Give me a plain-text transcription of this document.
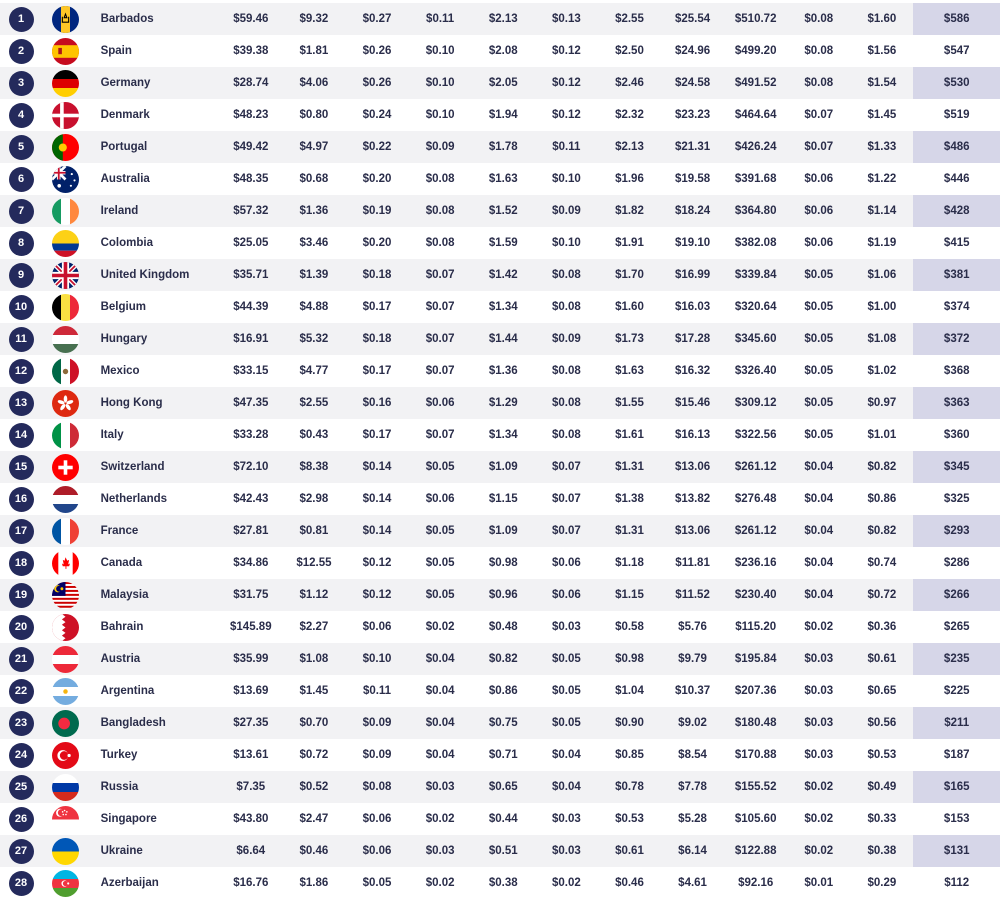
1		Barbados	$59.46	$9.32	$0.27	$0.11	$2.13	$0.13	$2.55	$25.54	$510.72	$0.08	$1.60	$586
2		Spain	$39.38	$1.81	$0.26	$0.10	$2.08	$0.12	$2.50	$24.96	$499.20	$0.08	$1.56	$547
3		Germany	$28.74	$4.06	$0.26	$0.10	$2.05	$0.12	$2.46	$24.58	$491.52	$0.08	$1.54	$530
4		Denmark	$48.23	$0.80	$0.24	$0.10	$1.94	$0.12	$2.32	$23.23	$464.64	$0.07	$1.45	$519
5		Portugal	$49.42	$4.97	$0.22	$0.09	$1.78	$0.11	$2.13	$21.31	$426.24	$0.07	$1.33	$486
6		Australia	$48.35	$0.68	$0.20	$0.08	$1.63	$0.10	$1.96	$19.58	$391.68	$0.06	$1.22	$446
7		Ireland	$57.32	$1.36	$0.19	$0.08	$1.52	$0.09	$1.82	$18.24	$364.80	$0.06	$1.14	$428
8		Colombia	$25.05	$3.46	$0.20	$0.08	$1.59	$0.10	$1.91	$19.10	$382.08	$0.06	$1.19	$415
9		United Kingdom	$35.71	$1.39	$0.18	$0.07	$1.42	$0.08	$1.70	$16.99	$339.84	$0.05	$1.06	$381
10		Belgium	$44.39	$4.88	$0.17	$0.07	$1.34	$0.08	$1.60	$16.03	$320.64	$0.05	$1.00	$374
11		Hungary	$16.91	$5.32	$0.18	$0.07	$1.44	$0.09	$1.73	$17.28	$345.60	$0.05	$1.08	$372
12		Mexico	$33.15	$4.77	$0.17	$0.07	$1.36	$0.08	$1.63	$16.32	$326.40	$0.05	$1.02	$368
13		Hong Kong	$47.35	$2.55	$0.16	$0.06	$1.29	$0.08	$1.55	$15.46	$309.12	$0.05	$0.97	$363
14		Italy	$33.28	$0.43	$0.17	$0.07	$1.34	$0.08	$1.61	$16.13	$322.56	$0.05	$1.01	$360
15		Switzerland	$72.10	$8.38	$0.14	$0.05	$1.09	$0.07	$1.31	$13.06	$261.12	$0.04	$0.82	$345
16		Netherlands	$42.43	$2.98	$0.14	$0.06	$1.15	$0.07	$1.38	$13.82	$276.48	$0.04	$0.86	$325
17		France	$27.81	$0.81	$0.14	$0.05	$1.09	$0.07	$1.31	$13.06	$261.12	$0.04	$0.82	$293
18		Canada	$34.86	$12.55	$0.12	$0.05	$0.98	$0.06	$1.18	$11.81	$236.16	$0.04	$0.74	$286
19		Malaysia	$31.75	$1.12	$0.12	$0.05	$0.96	$0.06	$1.15	$11.52	$230.40	$0.04	$0.72	$266
20		Bahrain	$145.89	$2.27	$0.06	$0.02	$0.48	$0.03	$0.58	$5.76	$115.20	$0.02	$0.36	$265
21		Austria	$35.99	$1.08	$0.10	$0.04	$0.82	$0.05	$0.98	$9.79	$195.84	$0.03	$0.61	$235
22		Argentina	$13.69	$1.45	$0.11	$0.04	$0.86	$0.05	$1.04	$10.37	$207.36	$0.03	$0.65	$225
23		Bangladesh	$27.35	$0.70	$0.09	$0.04	$0.75	$0.05	$0.90	$9.02	$180.48	$0.03	$0.56	$211
24		Turkey	$13.61	$0.72	$0.09	$0.04	$0.71	$0.04	$0.85	$8.54	$170.88	$0.03	$0.53	$187
25		Russia	$7.35	$0.52	$0.08	$0.03	$0.65	$0.04	$0.78	$7.78	$155.52	$0.02	$0.49	$165
26		Singapore	$43.80	$2.47	$0.06	$0.02	$0.44	$0.03	$0.53	$5.28	$105.60	$0.02	$0.33	$153
27		Ukraine	$6.64	$0.46	$0.06	$0.03	$0.51	$0.03	$0.61	$6.14	$122.88	$0.02	$0.38	$131
28		Azerbaijan	$16.76	$1.86	$0.05	$0.02	$0.38	$0.02	$0.46	$4.61	$92.16	$0.01	$0.29	$112
